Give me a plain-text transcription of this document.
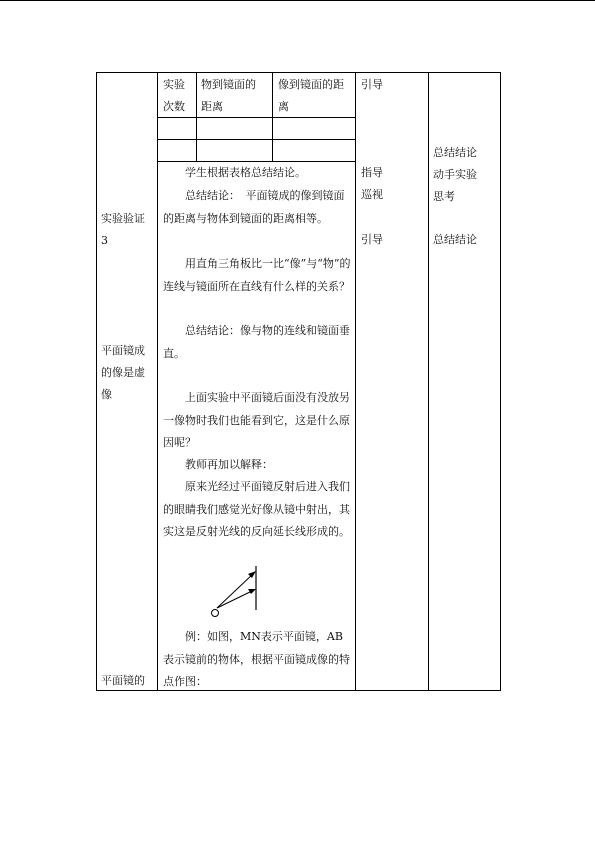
实验验证
3
平面镜成
的像是虚
像
平面镜的
实验
次数
物到镜面的
距离
像到镜面的距
离
学生根据表格总结结论。
总结结论：　平面镜成的像到镜面的距离与物体到镜面的距离相等。
用直角三角板比一比“像”与“物”的连线与镜面所在直线有什么样的关系？
总结结论：像与物的连线和镜面垂直。
上面实验中平面镜后面没有没放另一像物时我们也能看到它，这是什么原因呢？
教师再加以解释：
原来光经过平面镜反射后进入我们的眼睛我们感觉光好像从镜中射出，其实这是反射光线的反向延长线形成的。
例：如图，MN表示平面镜，AB表示镜前的物体，根据平面镜成像的特点作图：
引导
指导
巡视
引导
总结结论
动手实验
思考
总结结论
